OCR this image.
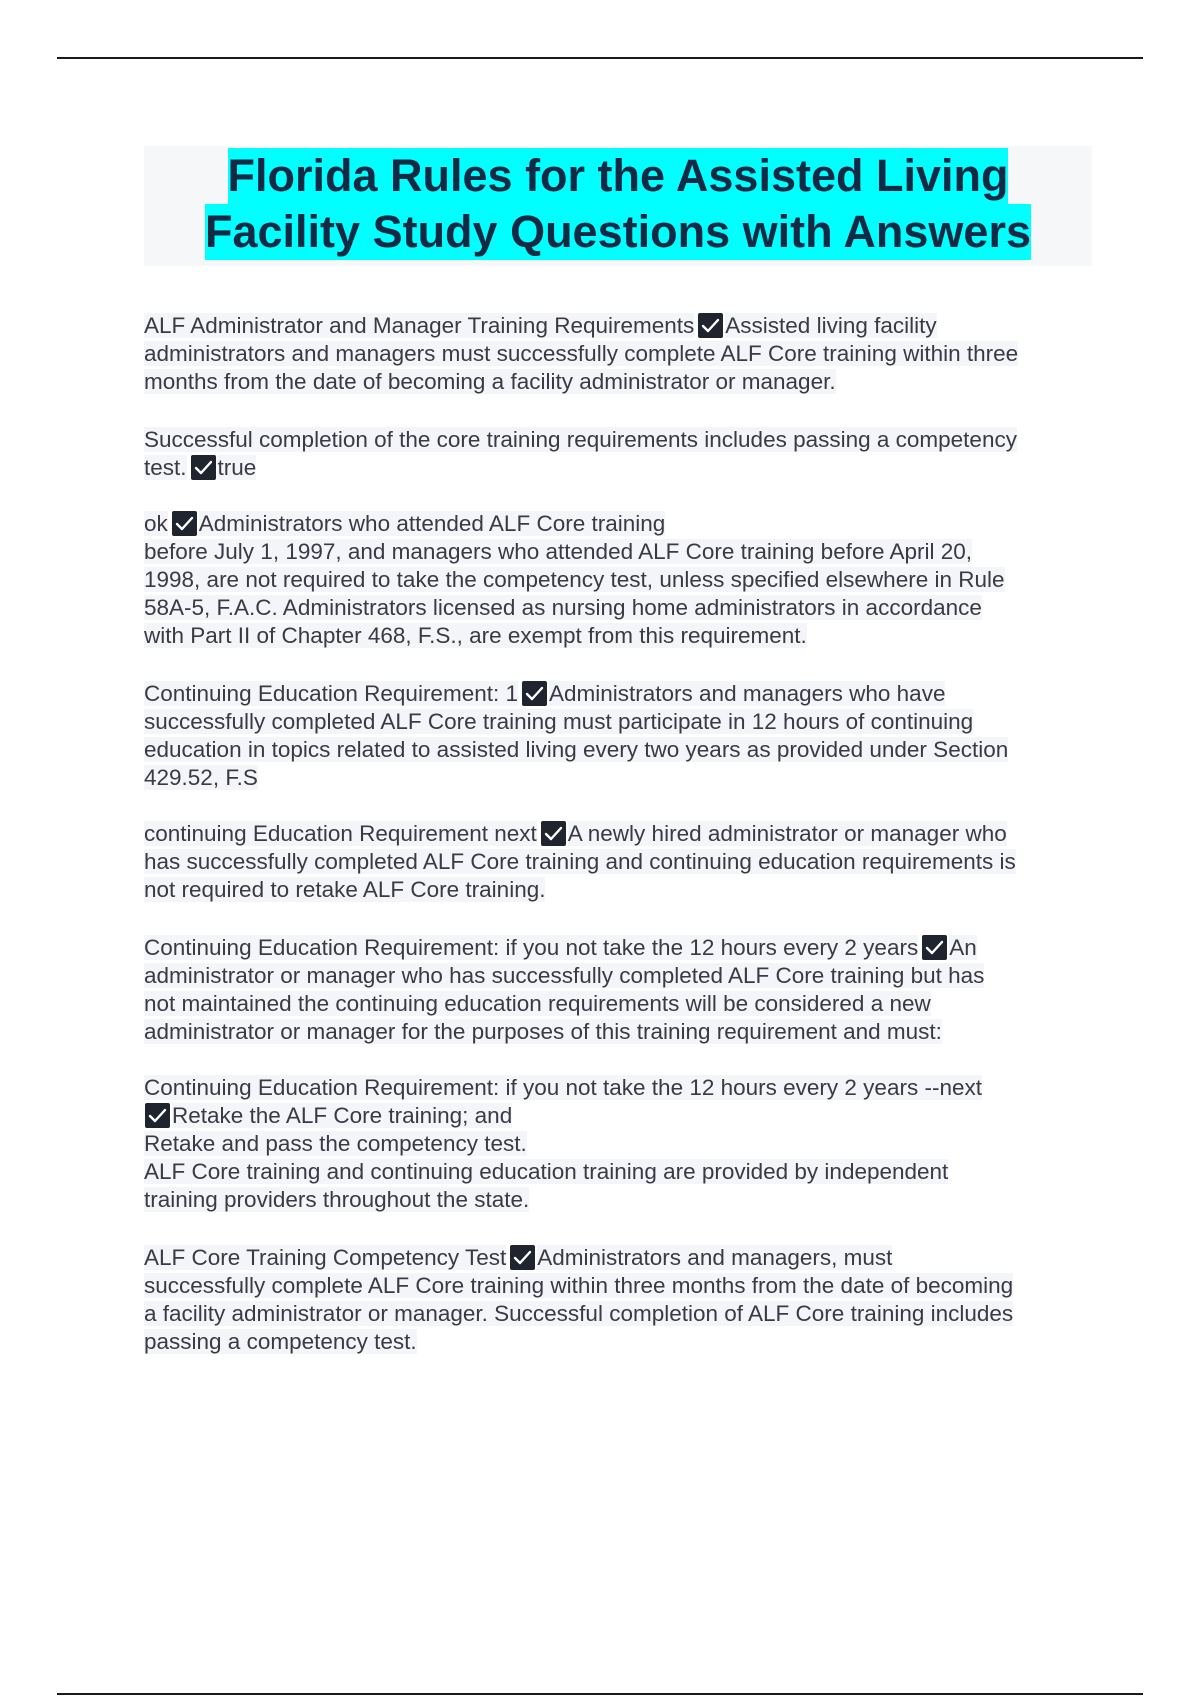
Florida Rules for the Assisted Living
Facility Study Questions with Answers

ALF Administrator and Manager Training Requirements Assisted living facility
administrators and managers must successfully complete ALF Core training within three
months from the date of becoming a facility administrator or manager.

Successful completion of the core training requirements includes passing a competency
test. true

ok Administrators who attended ALF Core training
before July 1, 1997, and managers who attended ALF Core training before April 20,
1998, are not required to take the competency test, unless specified elsewhere in Rule
58A-5, F.A.C. Administrators licensed as nursing home administrators in accordance
with Part II of Chapter 468, F.S., are exempt from this requirement.

Continuing Education Requirement: 1 Administrators and managers who have
successfully completed ALF Core training must participate in 12 hours of continuing
education in topics related to assisted living every two years as provided under Section
429.52, F.S

continuing Education Requirement next A newly hired administrator or manager who
has successfully completed ALF Core training and continuing education requirements is
not required to retake ALF Core training.

Continuing Education Requirement: if you not take the 12 hours every 2 years An
administrator or manager who has successfully completed ALF Core training but has
not maintained the continuing education requirements will be considered a new
administrator or manager for the purposes of this training requirement and must:

Continuing Education Requirement: if you not take the 12 hours every 2 years --next
Retake the ALF Core training; and
Retake and pass the competency test.
ALF Core training and continuing education training are provided by independent
training providers throughout the state.

ALF Core Training Competency Test Administrators and managers, must
successfully complete ALF Core training within three months from the date of becoming
a facility administrator or manager. Successful completion of ALF Core training includes
passing a competency test.
